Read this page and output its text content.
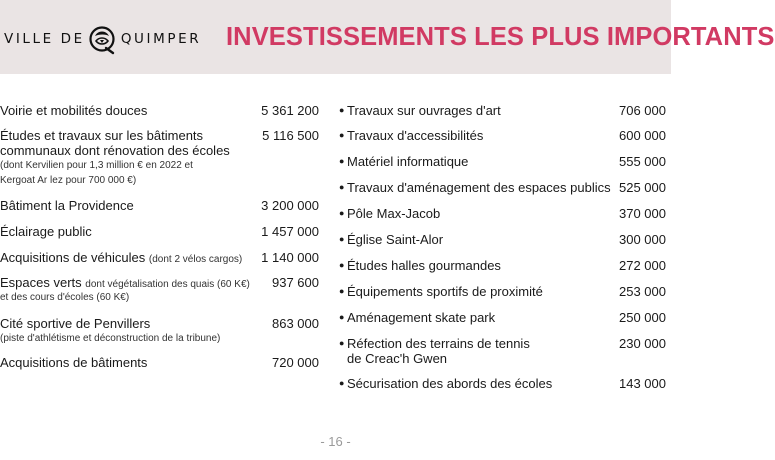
VILLE DE	QUIMPER INVESTISSEMENTS LES PLUS IMPORTANTS
Voirie et mobilités douces	5 361 200
Études et travaux sur les bâtiments
communaux dont rénovation des écoles
(dont Kervilien pour 1,3 million € en 2022 et
Kergoat Ar lez pour 700 000 €)
5 116 500
Bâtiment la Providence	3 200 000
Éclairage public	1 457 000
Acquisitions de véhicules (dont 2 vélos cargos)	1 140 000
Espaces verts dont végétalisation des quais (60 K€)
et des cours d'écoles (60 K€)
937 600
Cité sportive de Penvillers
(piste d'athlétisme et déconstruction de la tribune)
863 000
Acquisitions de bâtiments	720 000
● Travaux sur ouvrages d'art	706 000
● Travaux d'accessibilités	600 000
● Matériel informatique	555 000
● Travaux d'aménagement des espaces publics 525 000
● Pôle Max-Jacob	370 000
● Église Saint-Alor	300 000
● Études halles gourmandes	272 000
● Équipements sportifs de proximité	253 000
● Aménagement skate park	250 000
● Réfection des terrains de tennis
de Creac'h Gwen
230 000
● Sécurisation des abords des écoles	143 000
- 16 -
